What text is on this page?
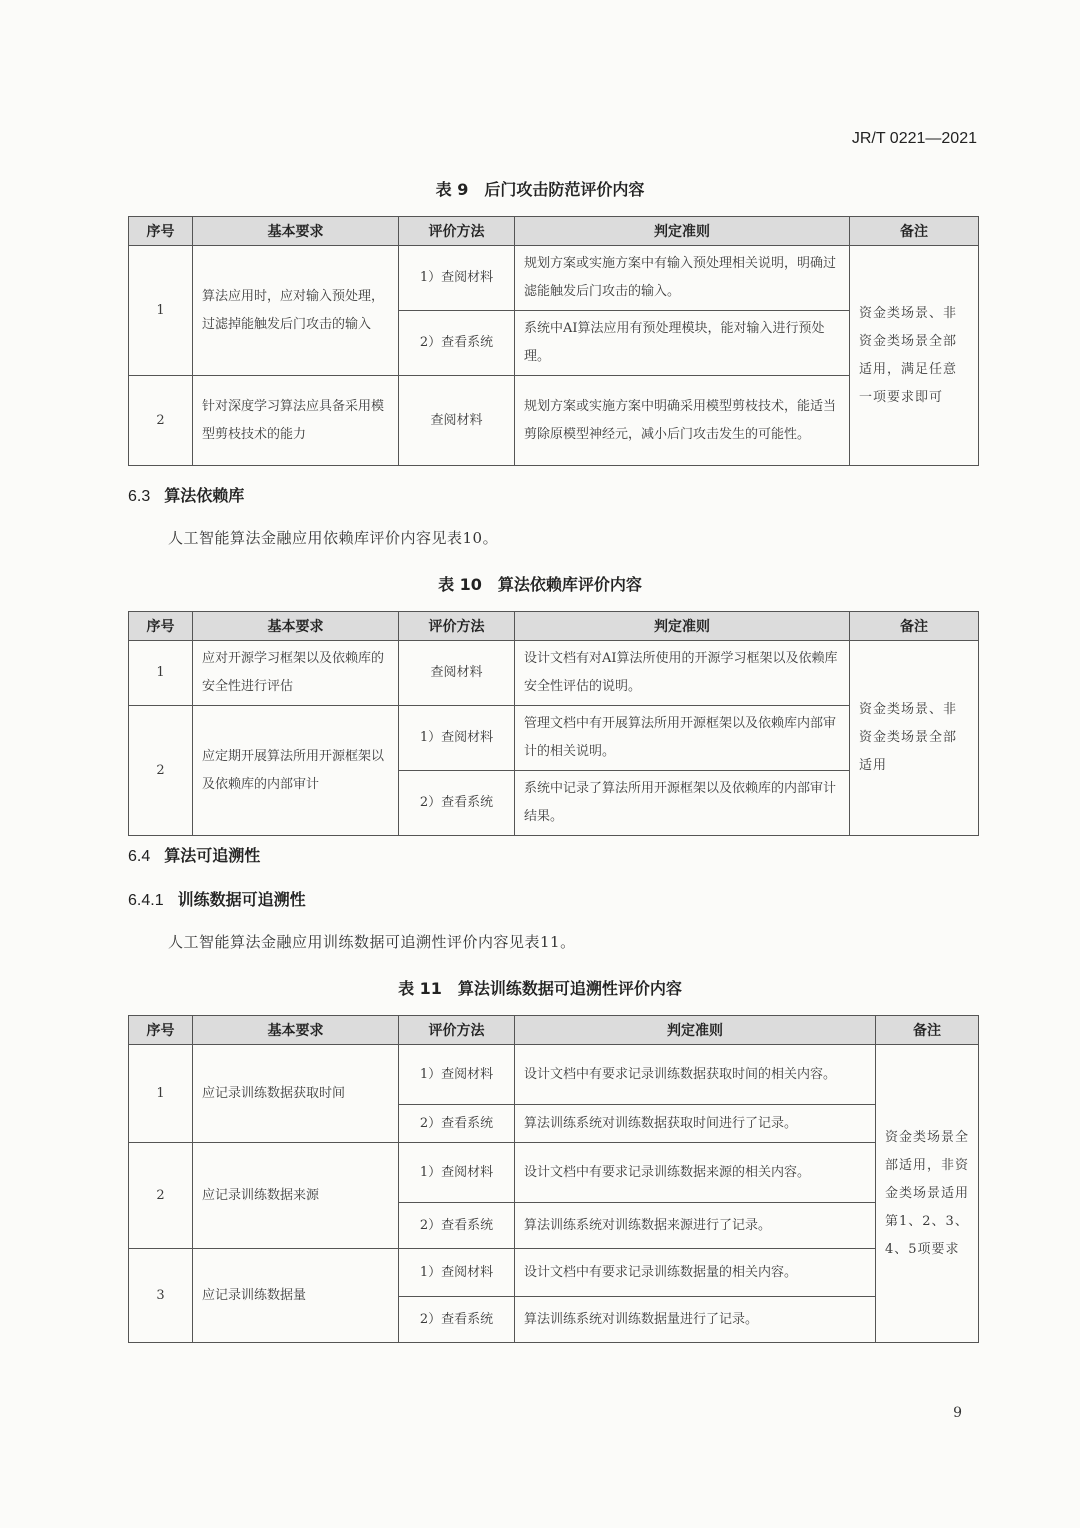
JR/T 0221—2021
表 9　后门攻击防范评价内容
序号	基本要求	评价方法	判定准则	备注
1	算法应用时，应对输入预处理，过滤掉能触发后门攻击的输入	1）查阅材料	规划方案或实施方案中有输入预处理相关说明，明确过滤能触发后门攻击的输入。	资金类场景、非资金类场景全部适用，满足任意一项要求即可
		2）查看系统	系统中AI算法应用有预处理模块，能对输入进行预处理。	
2	针对深度学习算法应具备采用模型剪枝技术的能力	查阅材料	规划方案或实施方案中明确采用模型剪枝技术，能适当剪除原模型神经元，减小后门攻击发生的可能性。	
6.3 算法依赖库
人工智能算法金融应用依赖库评价内容见表10。
表 10　算法依赖库评价内容
序号	基本要求	评价方法	判定准则	备注
1	应对开源学习框架以及依赖库的安全性进行评估	查阅材料	设计文档有对AI算法所使用的开源学习框架以及依赖库安全性评估的说明。	资金类场景、非资金类场景全部适用
2	应定期开展算法所用开源框架以及依赖库的内部审计	1）查阅材料	管理文档中有开展算法所用开源框架以及依赖库内部审计的相关说明。	
		2）查看系统	系统中记录了算法所用开源框架以及依赖库的内部审计结果。	
6.4 算法可追溯性
6.4.1 训练数据可追溯性
人工智能算法金融应用训练数据可追溯性评价内容见表11。
表 11　算法训练数据可追溯性评价内容
序号	基本要求	评价方法	判定准则	备注
1	应记录训练数据获取时间	1）查阅材料	设计文档中有要求记录训练数据获取时间的相关内容。	资金类场景全部适用，非资金类场景适用第1、2、3、4、5项要求
		2）查看系统	算法训练系统对训练数据获取时间进行了记录。	
2	应记录训练数据来源	1）查阅材料	设计文档中有要求记录训练数据来源的相关内容。	
		2）查看系统	算法训练系统对训练数据来源进行了记录。	
3	应记录训练数据量	1）查阅材料	设计文档中有要求记录训练数据量的相关内容。	
		2）查看系统	算法训练系统对训练数据量进行了记录。	
9
